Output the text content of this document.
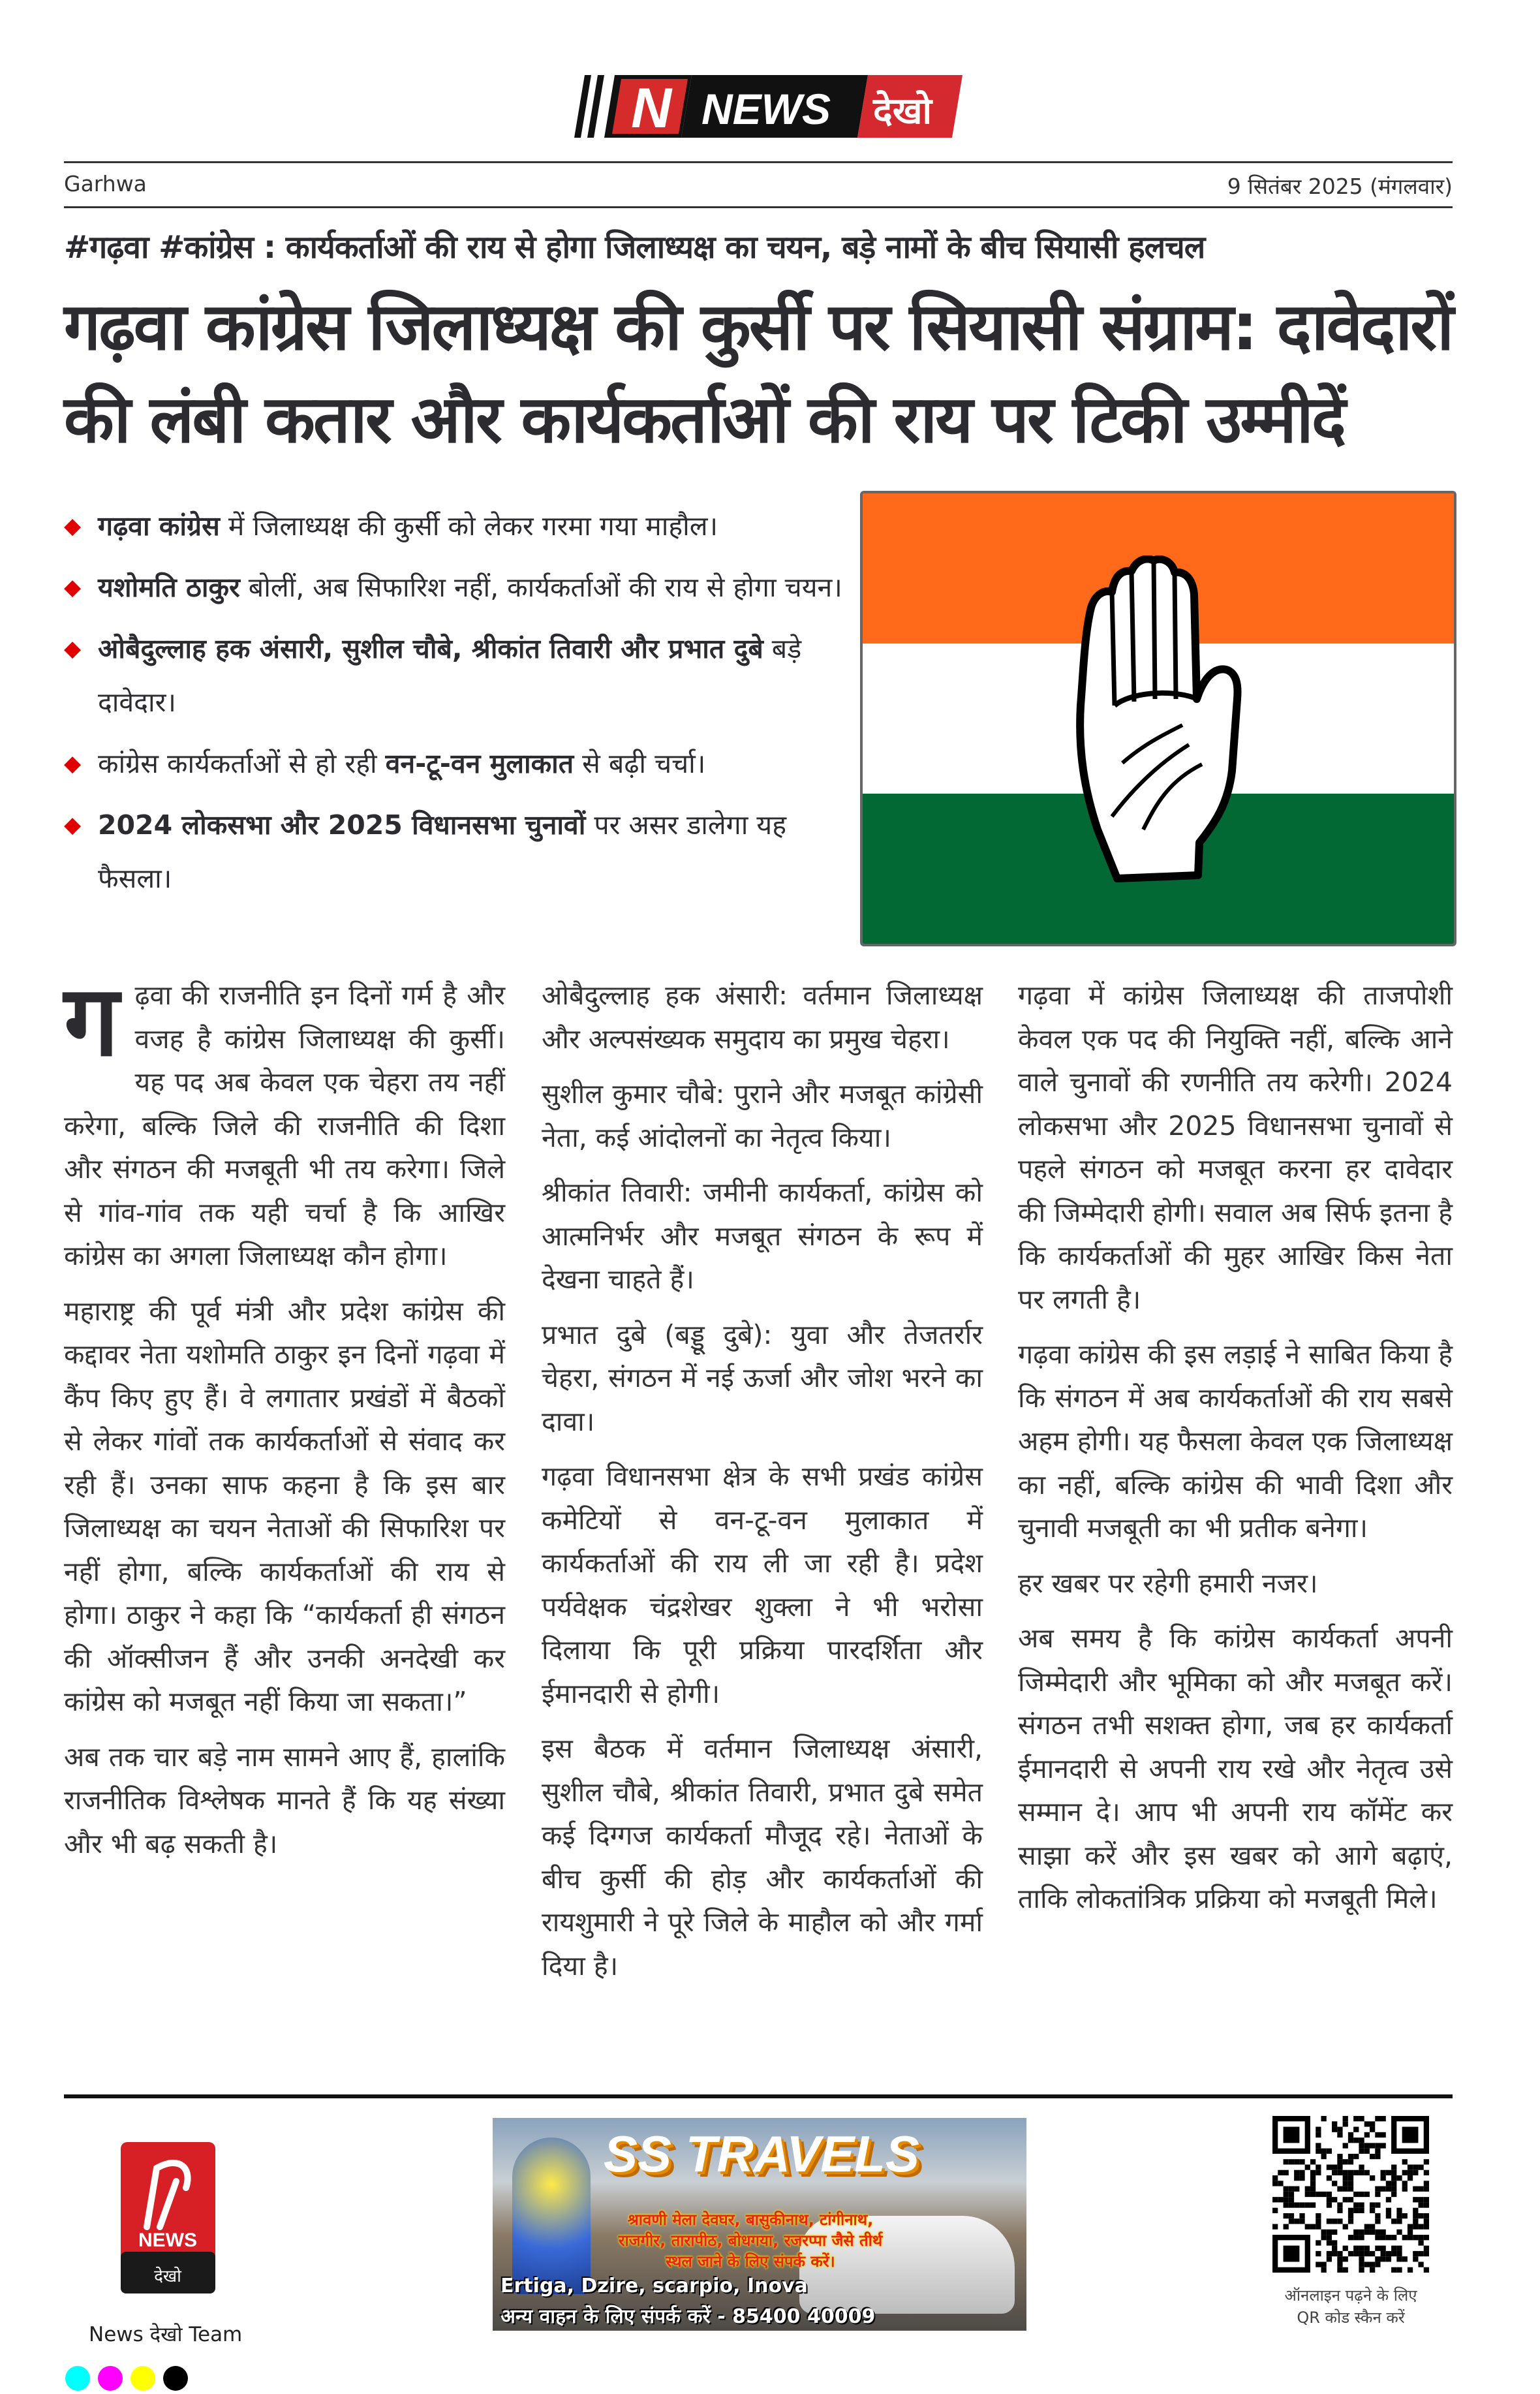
N NEWS देखो
Garhwa	9 सितंबर 2025 (मंगलवार)
#गढ़वा #कांग्रेस : कार्यकर्ताओं की राय से होगा जिलाध्यक्ष का चयन, बड़े नामों के बीच सियासी हलचल
गढ़वा कांग्रेस जिलाध्यक्ष की कुर्सी पर सियासी संग्राम: दावेदारों की लंबी कतार और कार्यकर्ताओं की राय पर टिकी उम्मीदें
◆ गढ़वा कांग्रेस में जिलाध्यक्ष की कुर्सी को लेकर गरमा गया माहौल।
◆ यशोमति ठाकुर बोलीं, अब सिफारिश नहीं, कार्यकर्ताओं की राय से होगा चयन।
◆ ओबैदुल्लाह हक अंसारी, सुशील चौबे, श्रीकांत तिवारी और प्रभात दुबे बड़े दावेदार।
◆ कांग्रेस कार्यकर्ताओं से हो रही वन-टू-वन मुलाकात से बढ़ी चर्चा।
◆ 2024 लोकसभा और 2025 विधानसभा चुनावों पर असर डालेगा यह फैसला।

गढ़वा की राजनीति इन दिनों गर्म है और वजह है कांग्रेस जिलाध्यक्ष की कुर्सी। यह पद अब केवल एक चेहरा तय नहीं करेगा, बल्कि जिले की राजनीति की दिशा और संगठन की मजबूती भी तय करेगा। जिले से गांव-गांव तक यही चर्चा है कि आखिर कांग्रेस का अगला जिलाध्यक्ष कौन होगा।

महाराष्ट्र की पूर्व मंत्री और प्रदेश कांग्रेस की कद्दावर नेता यशोमति ठाकुर इन दिनों गढ़वा में कैंप किए हुए हैं। वे लगातार प्रखंडों में बैठकों से लेकर गांवों तक कार्यकर्ताओं से संवाद कर रही हैं। उनका साफ कहना है कि इस बार जिलाध्यक्ष का चयन नेताओं की सिफारिश पर नहीं होगा, बल्कि कार्यकर्ताओं की राय से होगा। ठाकुर ने कहा कि “कार्यकर्ता ही संगठन की ऑक्सीजन हैं और उनकी अनदेखी कर कांग्रेस को मजबूत नहीं किया जा सकता।”

अब तक चार बड़े नाम सामने आए हैं, हालांकि राजनीतिक विश्लेषक मानते हैं कि यह संख्या और भी बढ़ सकती है।

ओबैदुल्लाह हक अंसारी: वर्तमान जिलाध्यक्ष और अल्पसंख्यक समुदाय का प्रमुख चेहरा।

सुशील कुमार चौबे: पुराने और मजबूत कांग्रेसी नेता, कई आंदोलनों का नेतृत्व किया।

श्रीकांत तिवारी: जमीनी कार्यकर्ता, कांग्रेस को आत्मनिर्भर और मजबूत संगठन के रूप में देखना चाहते हैं।

प्रभात दुबे (बड्डू दुबे): युवा और तेजतर्रार चेहरा, संगठन में नई ऊर्जा और जोश भरने का दावा।

गढ़वा विधानसभा क्षेत्र के सभी प्रखंड कांग्रेस कमेटियों से वन-टू-वन मुलाकात में कार्यकर्ताओं की राय ली जा रही है। प्रदेश पर्यवेक्षक चंद्रशेखर शुक्ला ने भी भरोसा दिलाया कि पूरी प्रक्रिया पारदर्शिता और ईमानदारी से होगी।

इस बैठक में वर्तमान जिलाध्यक्ष अंसारी, सुशील चौबे, श्रीकांत तिवारी, प्रभात दुबे समेत कई दिग्गज कार्यकर्ता मौजूद रहे। नेताओं के बीच कुर्सी की होड़ और कार्यकर्ताओं की रायशुमारी ने पूरे जिले के माहौल को और गर्मा दिया है।

गढ़वा में कांग्रेस जिलाध्यक्ष की ताजपोशी केवल एक पद की नियुक्ति नहीं, बल्कि आने वाले चुनावों की रणनीति तय करेगी। 2024 लोकसभा और 2025 विधानसभा चुनावों से पहले संगठन को मजबूत करना हर दावेदार की जिम्मेदारी होगी। सवाल अब सिर्फ इतना है कि कार्यकर्ताओं की मुहर आखिर किस नेता पर लगती है।

गढ़वा कांग्रेस की इस लड़ाई ने साबित किया है कि संगठन में अब कार्यकर्ताओं की राय सबसे अहम होगी। यह फैसला केवल एक जिलाध्यक्ष का नहीं, बल्कि कांग्रेस की भावी दिशा और चुनावी मजबूती का भी प्रतीक बनेगा।

हर खबर पर रहेगी हमारी नजर।

अब समय है कि कांग्रेस कार्यकर्ता अपनी जिम्मेदारी और भूमिका को और मजबूत करें। संगठन तभी सशक्त होगा, जब हर कार्यकर्ता ईमानदारी से अपनी राय रखे और नेतृत्व उसे सम्मान दे। आप भी अपनी राय कॉमेंट कर साझा करें और इस खबर को आगे बढ़ाएं, ताकि लोकतांत्रिक प्रक्रिया को मजबूती मिले।

NEWS
देखो
News देखो Team
SS TRAVELS
श्रावणी मेला देवघर, बासुकीनाथ, टांगीनाथ,
राजगीर, तारापीठ, बोधगया, रजरप्पा जैसे तीर्थ
स्थल जाने के लिए संपर्क करें।
Ertiga, Dzire, scarpio, Inova
अन्य वाहन के लिए संपर्क करें - 85400 40009
ऑनलाइन पढ़ने के लिए
QR कोड स्कैन करें
